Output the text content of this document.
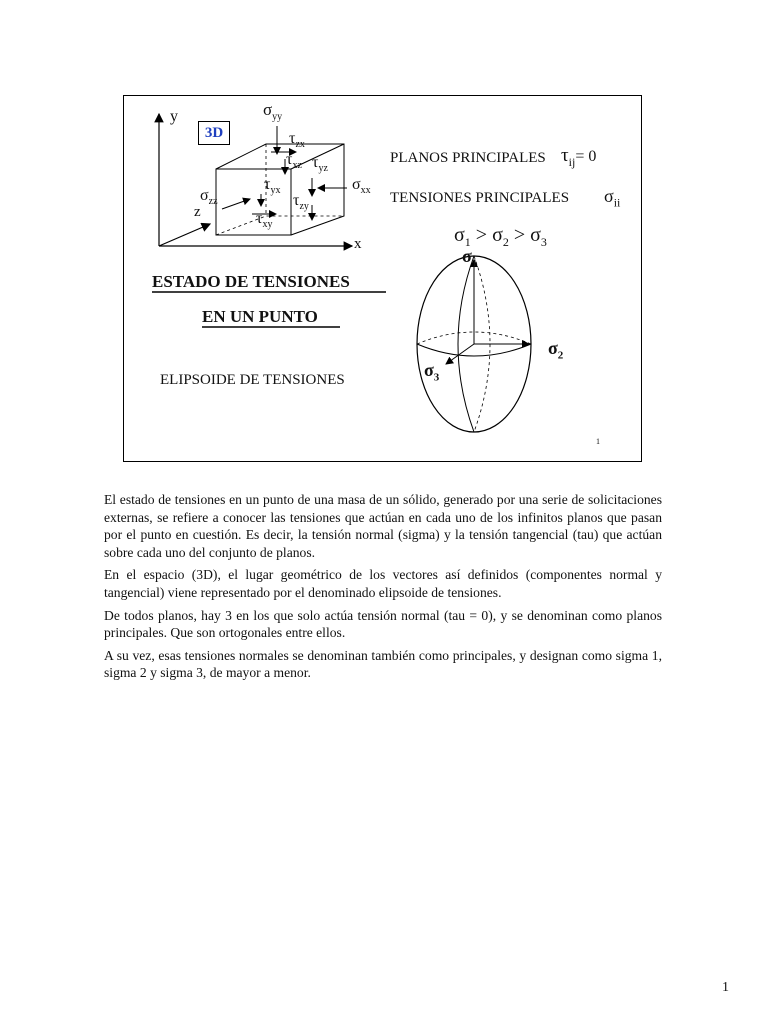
3D
y
x
z
$\sigma_{yy}$
$\tau_{zx}$
$\tau_{xz}$ $\tau_{yz}$
$\sigma_{xx}$
$\tau_{yx}$
$\sigma_{zz}$	$\tau_{zy}$
$\tau_{xy}$
PLANOS PRINCIPALES $\tau_{ij}= 0$
TENSIONES PRINCIPALES $\sigma_{ii}$
$\sigma_1 > \sigma_2 > \sigma_3$
ESTADO DE TENSIONES
EN UN PUNTO
ELIPSOIDE DE TENSIONES
$\sigma_1$
$\sigma_2$
$\sigma_3$
1

El estado de tensiones en un punto de una masa de un sólido, generado por una serie de solicitaciones externas, se refiere a conocer las tensiones que actúan en cada uno de los infinitos planos que pasan por el punto en cuestión. Es decir, la tensión normal (sigma) y la tensión tangencial (tau) que actúan sobre cada uno del conjunto de planos.

En el espacio (3D), el lugar geométrico de los vectores así definidos (componentes normal y tangencial) viene representado por el denominado elipsoide de tensiones.

De todos planos, hay 3 en los que solo actúa tensión normal (tau = 0), y se denominan como planos principales. Que son ortogonales entre ellos.

A su vez, esas tensiones normales se denominan también como principales, y designan como sigma 1, sigma 2 y sigma 3, de mayor a menor.

1
